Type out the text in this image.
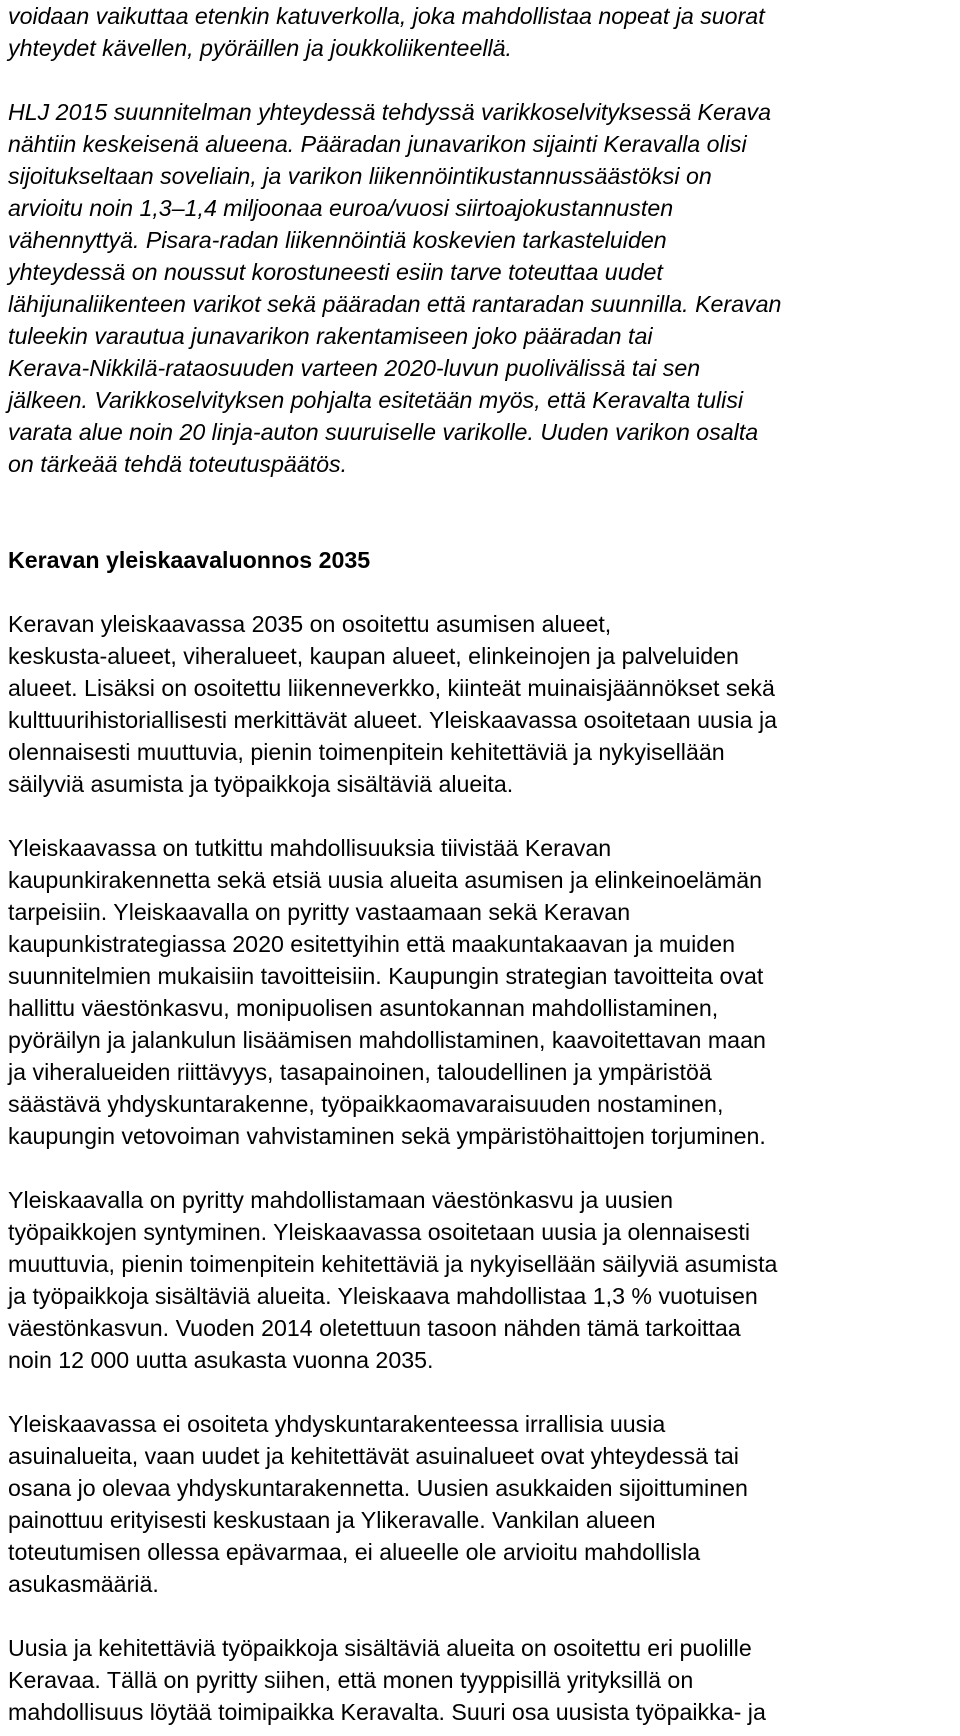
voidaan vaikuttaa etenkin katuverkolla, joka mahdollistaa nopeat ja suorat

yhteydet kävellen, pyöräillen ja joukkoliikenteellä.

HLJ 2015 suunnitelman yhteydessä tehdyssä varikkoselvityksessä Kerava

nähtiin keskeisenä alueena. Pääradan junavarikon sijainti Keravalla olisi

sijoitukseltaan soveliain, ja varikon liikennöintikustannussäästöksi on

arvioitu noin 1,3–1,4 miljoonaa euroa/vuosi siirtoajokustannusten

vähennyttyä. Pisara-radan liikennöintiä koskevien tarkasteluiden

yhteydessä on noussut korostuneesti esiin tarve toteuttaa uudet

lähijunaliikenteen varikot sekä pääradan että rantaradan suunnilla. Keravan

tuleekin varautua junavarikon rakentamiseen joko pääradan tai

Kerava-Nikkilä-rataosuuden varteen 2020-luvun puolivälissä tai sen

jälkeen. Varikkoselvityksen pohjalta esitetään myös, että Keravalta tulisi

varata alue noin 20 linja-auton suuruiselle varikolle. Uuden varikon osalta

on tärkeää tehdä toteutuspäätös.

Keravan yleiskaavaluonnos 2035

Keravan yleiskaavassa 2035 on osoitettu asumisen alueet,

keskusta-alueet, viheralueet, kaupan alueet, elinkeinojen ja palveluiden

alueet. Lisäksi on osoitettu liikenneverkko, kiinteät muinaisjäännökset sekä

kulttuurihistoriallisesti merkittävät alueet. Yleiskaavassa osoitetaan uusia ja

olennaisesti muuttuvia, pienin toimenpitein kehitettäviä ja nykyisellään

säilyviä asumista ja työpaikkoja sisältäviä alueita.

Yleiskaavassa on tutkittu mahdollisuuksia tiivistää Keravan

kaupunkirakennetta sekä etsiä uusia alueita asumisen ja elinkeinoelämän

tarpeisiin. Yleiskaavalla on pyritty vastaamaan sekä Keravan

kaupunkistrategiassa 2020 esitettyihin että maakuntakaavan ja muiden

suunnitelmien mukaisiin tavoitteisiin. Kaupungin strategian tavoitteita ovat

hallittu väestönkasvu, monipuolisen asuntokannan mahdollistaminen,

pyöräilyn ja jalankulun lisäämisen mahdollistaminen, kaavoitettavan maan

ja viheralueiden riittävyys, tasapainoinen, taloudellinen ja ympäristöä

säästävä yhdyskuntarakenne, työpaikkaomavaraisuuden nostaminen,

kaupungin vetovoiman vahvistaminen sekä ympäristöhaittojen torjuminen.

Yleiskaavalla on pyritty mahdollistamaan väestönkasvu ja uusien

työpaikkojen syntyminen. Yleiskaavassa osoitetaan uusia ja olennaisesti

muuttuvia, pienin toimenpitein kehitettäviä ja nykyisellään säilyviä asumista

ja työpaikkoja sisältäviä alueita. Yleiskaava mahdollistaa 1,3 % vuotuisen

väestönkasvun. Vuoden 2014 oletettuun tasoon nähden tämä tarkoittaa

noin 12 000 uutta asukasta vuonna 2035.

Yleiskaavassa ei osoiteta yhdyskuntarakenteessa irrallisia uusia

asuinalueita, vaan uudet ja kehitettävät asuinalueet ovat yhteydessä tai

osana jo olevaa yhdyskuntarakennetta. Uusien asukkaiden sijoittuminen

painottuu erityisesti keskustaan ja Ylikeravalle. Vankilan alueen

toteutumisen ollessa epävarmaa, ei alueelle ole arvioitu mahdollisla

asukasmääriä.

Uusia ja kehitettäviä työpaikkoja sisältäviä alueita on osoitettu eri puolille

Keravaa. Tällä on pyritty siihen, että monen tyyppisillä yrityksillä on

mahdollisuus löytää toimipaikka Keravalta. Suuri osa uusista työpaikka- ja
